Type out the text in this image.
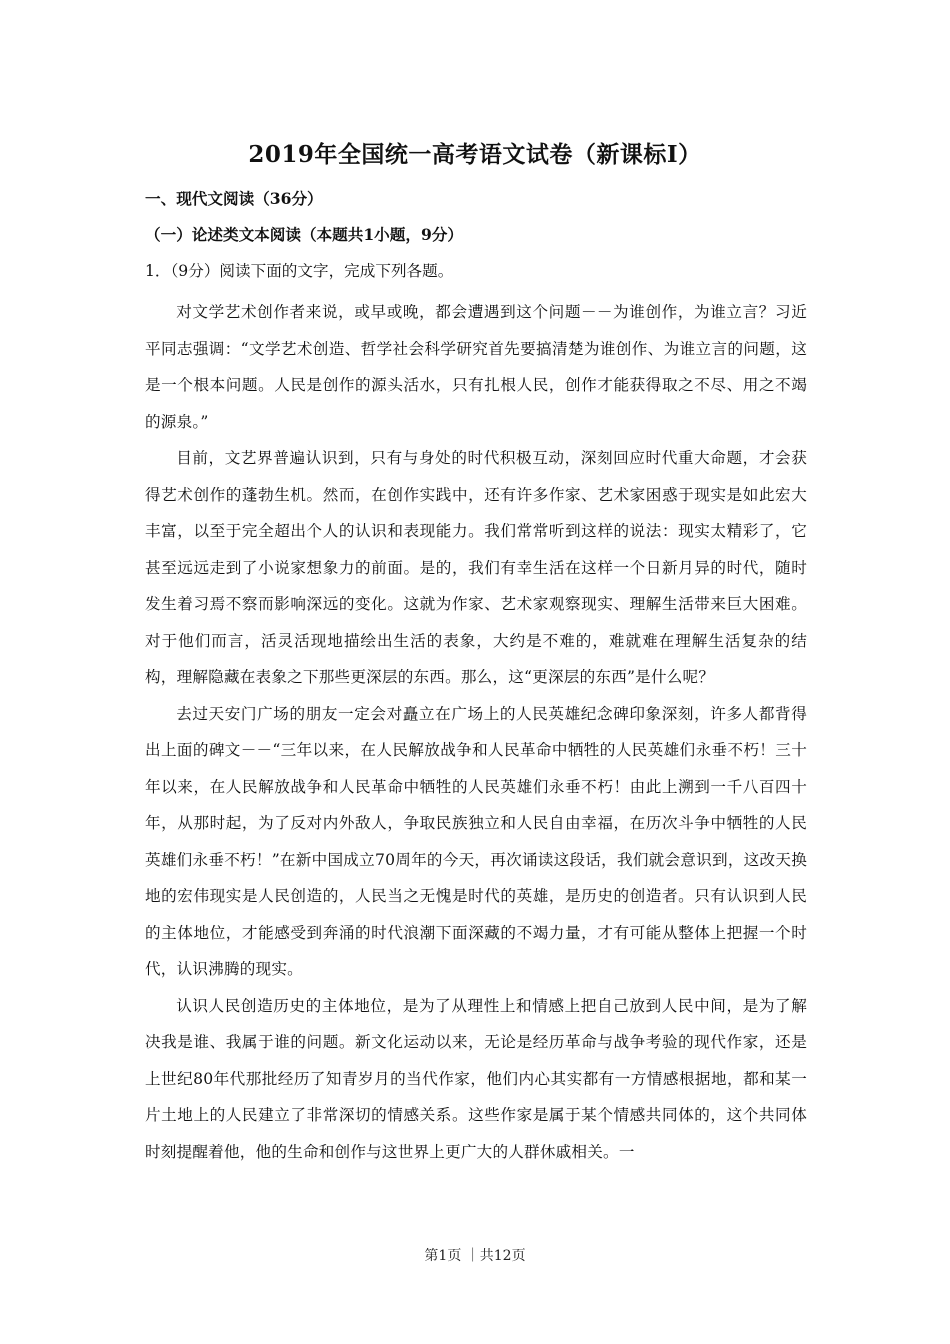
2019年全国统一高考语文试卷（新课标Ⅰ）
一、现代文阅读（36分）
（一）论述类文本阅读（本题共1小题，9分）
1．（9分）阅读下面的文字，完成下列各题。

对文学艺术创作者来说，或早或晚，都会遭遇到这个问题－－为谁创作，为谁立言？习近平同志强调：“文学艺术创造、哲学社会科学研究首先要搞清楚为谁创作、为谁立言的问题，这是一个根本问题。人民是创作的源头活水，只有扎根人民，创作才能获得取之不尽、用之不竭的源泉。”

目前，文艺界普遍认识到，只有与身处的时代积极互动，深刻回应时代重大命题，才会获得艺术创作的蓬勃生机。然而，在创作实践中，还有许多作家、艺术家困惑于现实是如此宏大丰富，以至于完全超出个人的认识和表现能力。我们常常听到这样的说法：现实太精彩了，它甚至远远走到了小说家想象力的前面。是的，我们有幸生活在这样一个日新月异的时代，随时发生着习焉不察而影响深远的变化。这就为作家、艺术家观察现实、理解生活带来巨大困难。对于他们而言，活灵活现地描绘出生活的表象，大约是不难的，难就难在理解生活复杂的结构，理解隐藏在表象之下那些更深层的东西。那么，这“更深层的东西”是什么呢？

去过天安门广场的朋友一定会对矗立在广场上的人民英雄纪念碑印象深刻，许多人都背得出上面的碑文－－“三年以来，在人民解放战争和人民革命中牺牲的人民英雄们永垂不朽！三十年以来，在人民解放战争和人民革命中牺牲的人民英雄们永垂不朽！由此上溯到一千八百四十年，从那时起，为了反对内外敌人，争取民族独立和人民自由幸福，在历次斗争中牺牲的人民英雄们永垂不朽！”在新中国成立70周年的今天，再次诵读这段话，我们就会意识到，这改天换地的宏伟现实是人民创造的，人民当之无愧是时代的英雄，是历史的创造者。只有认识到人民的主体地位，才能感受到奔涌的时代浪潮下面深藏的不竭力量，才有可能从整体上把握一个时代，认识沸腾的现实。

认识人民创造历史的主体地位，是为了从理性上和情感上把自己放到人民中间，是为了解决我是谁、我属于谁的问题。新文化运动以来，无论是经历革命与战争考验的现代作家，还是上世纪80年代那批经历了知青岁月的当代作家，他们内心其实都有一方情感根据地，都和某一片土地上的人民建立了非常深切的情感关系。这些作家是属于某个情感共同体的，这个共同体时刻提醒着他，他的生命和创作与这世界上更广大的人群休戚相关。一

第1页 ｜共12页
